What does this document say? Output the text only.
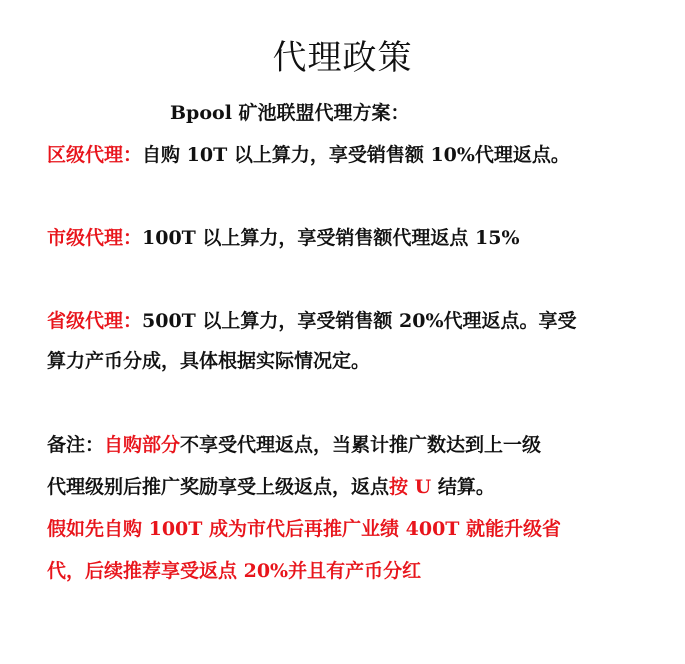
代理政策
Bpool 矿池联盟代理方案：
区级代理：自购 10T 以上算力，享受销售额 10%代理返点。
市级代理：100T 以上算力，享受销售额代理返点 15%
省级代理：500T 以上算力，享受销售额 20%代理返点。享受
算力产币分成，具体根据实际情况定。
备注：自购部分不享受代理返点，当累计推广数达到上一级
代理级别后推广奖励享受上级返点，返点按 U 结算。
假如先自购 100T 成为市代后再推广业绩 400T 就能升级省
代，后续推荐享受返点 20%并且有产币分红
